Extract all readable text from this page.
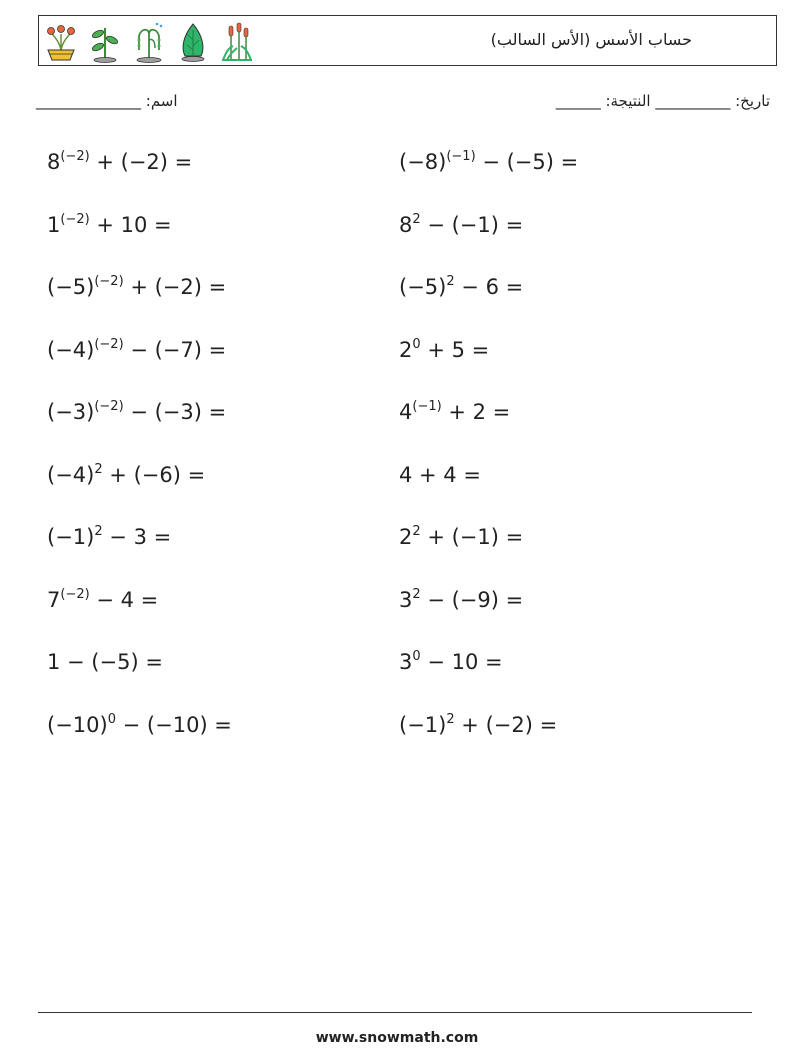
(حساب الأسس (الأس السالب
______________ :اسم	______ :تاريخ: __________ النتيجة
$8^{(-2)} + (-2)$ =	$(-8)^{(-1)} - (-5)$ =
$1^{(-2)} + 10$ =	$8^2 - (-1)$ =
$(-5)^{(-2)} + (-2)$ =	$(-5)^2 - 6$ =
$(-4)^{(-2)} - (-7)$ =	$2^0 + 5$ =
$(-3)^{(-2)} - (-3)$ =	$4^{(-1)} + 2$ =
$(-4)^2 + (-6)$ =	4 + 4 =
$(-1)^2 - 3$ =	$2^2 + (-1)$ =
$7^{(-2)} - 4$ =	$3^2 - (-9)$ =
1 − (−5) =	$3^0 - 10$ =
$(-10)^0 - (-10)$ =	$(-1)^2 + (-2)$ =
www.snowmath.com
